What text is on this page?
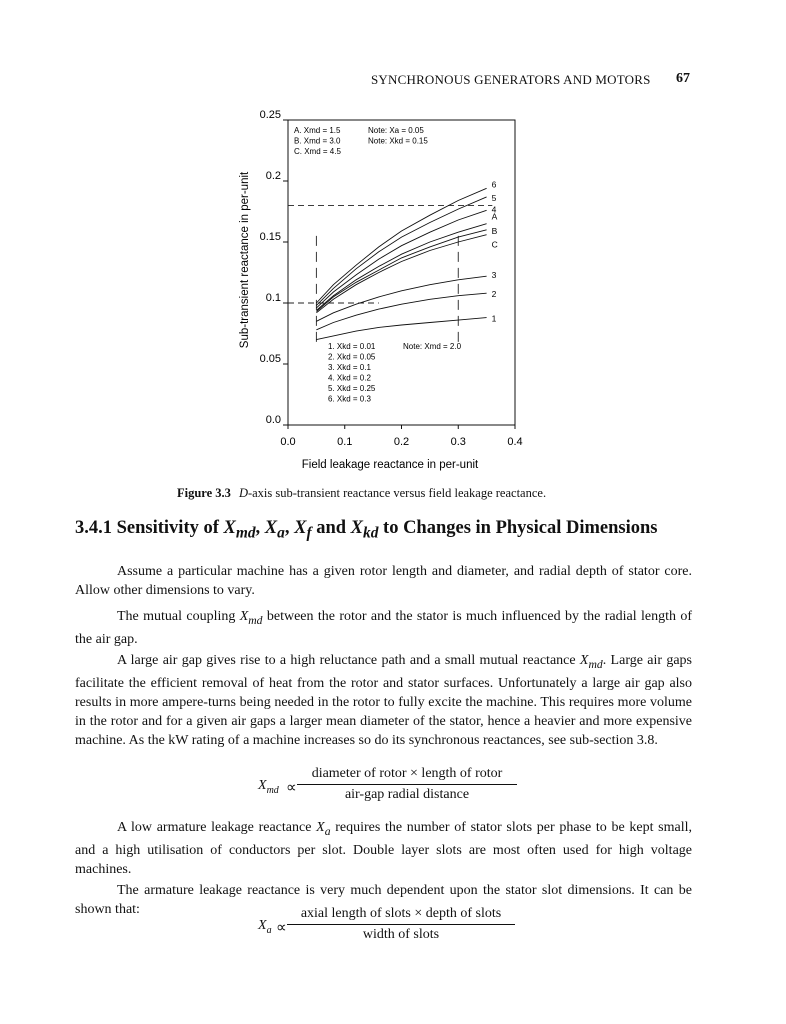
SYNCHRONOUS GENERATORS AND MOTORS 67
6
5
4
A
B
C
3
2
1
0.0
0.05
0.1
0.15
0.2
0.25
0.0	0.1	0.2	0.3	0.4
A. Xmd = 1.5
B. Xmd = 3.0
C. Xmd = 4.5
Note: Xa = 0.05
Note: Xkd = 0.15
1. Xkd = 0.01
2. Xkd = 0.05
3. Xkd = 0.1
4. Xkd = 0.2
5. Xkd = 0.25
6. Xkd = 0.3
Note: Xmd = 2.0
Field leakage reactance in per-unit
Sub-transient reactance in per-unit
Figure 3.3 D-axis sub-transient reactance versus field leakage reactance.
3.4.1 Sensitivity of $X_{md}$, $X_a$, $X_f$ and $X_{kd}$ to Changes in Physical Dimensions

Assume a particular machine has a given rotor length and diameter, and radial depth of stator core. Allow other dimensions to vary.

The mutual coupling $X_{md}$ between the rotor and the stator is much influenced by the radial length of the air gap.

A large air gap gives rise to a high reluctance path and a small mutual reactance $X_{md}$. Large air gaps facilitate the efficient removal of heat from the rotor and stator surfaces. Unfortunately a large air gap also results in more ampere-turns being needed in the rotor to fully excite the machine. This requires more volume in the rotor and for a given air gaps a larger mean diameter of the stator, hence a heavier and more expensive machine. As the kW rating of a machine increases so do its synchronous reactances, see sub-section 3.8.

$X_{md}$ ∝
diameter of rotor × length of rotor
air-gap radial distance

A low armature leakage reactance $X_a$ requires the number of stator slots per phase to be kept small, and a high utilisation of conductors per slot. Double layer slots are most often used for high voltage machines.

The armature leakage reactance is very much dependent upon the stator slot dimensions. It can be shown that:

$X_a$ ∝
axial length of slots × depth of slots
width of slots
